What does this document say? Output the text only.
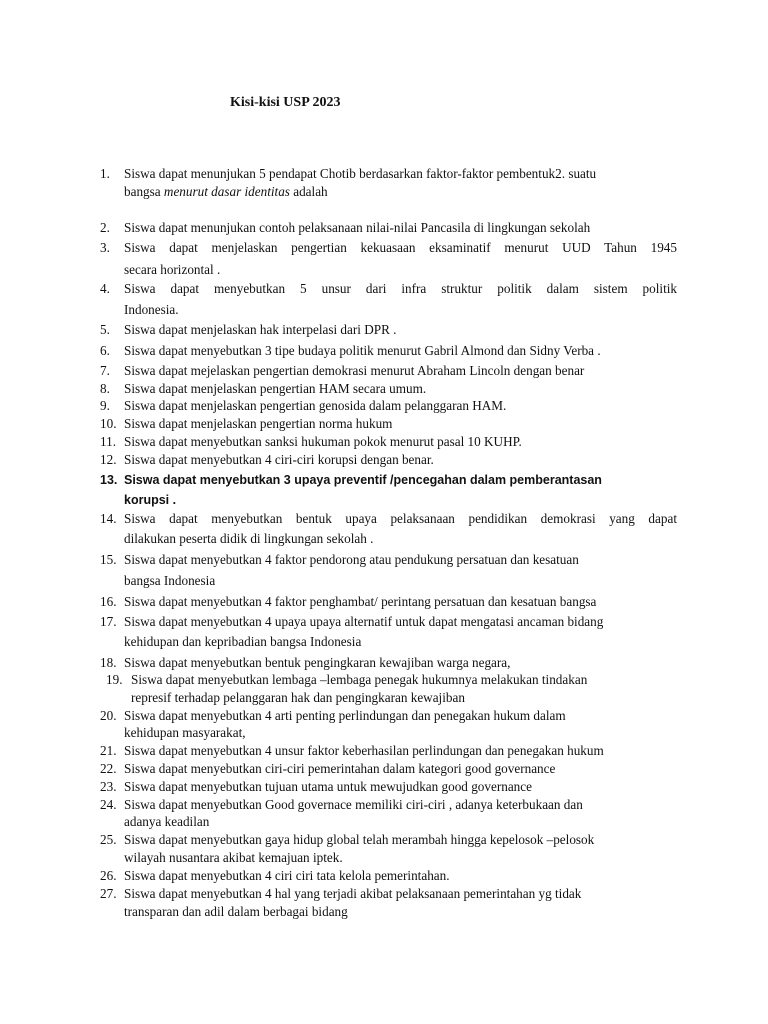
Kisi-kisi USP 2023
1.	Siswa dapat menunjukan 5 pendapat Chotib berdasarkan faktor-faktor pembentuk2. suatu
bangsa menurut dasar identitas adalah
2.	Siswa dapat menunjukan contoh pelaksanaan nilai-nilai Pancasila di lingkungan sekolah
3.	Siswa dapat menjelaskan pengertian kekuasaan eksaminatif menurut UUD Tahun 1945
secara horizontal .
4.	Siswa dapat menyebutkan 5 unsur dari infra struktur politik dalam sistem politik
Indonesia.
5.	Siswa dapat menjelaskan hak interpelasi dari DPR .
6.	Siswa dapat menyebutkan 3 tipe budaya politik menurut Gabril Almond dan Sidny Verba .
7.	Siswa dapat mejelaskan pengertian demokrasi menurut Abraham Lincoln dengan benar
8.	Siswa dapat menjelaskan pengertian HAM secara umum.
9.	Siswa dapat menjelaskan pengertian genosida dalam pelanggaran HAM.
10. Siswa dapat menjelaskan pengertian norma hukum
11. Siswa dapat menyebutkan sanksi hukuman pokok menurut pasal 10 KUHP.
12. Siswa dapat menyebutkan 4 ciri-ciri korupsi dengan benar.
13. Siswa dapat menyebutkan 3 upaya preventif /pencegahan dalam pemberantasan
korupsi .
14. Siswa dapat menyebutkan bentuk upaya pelaksanaan pendidikan demokrasi yang dapat
dilakukan peserta didik di lingkungan sekolah .
15. Siswa dapat menyebutkan 4 faktor pendorong atau pendukung persatuan dan kesatuan
bangsa Indonesia
16. Siswa dapat menyebutkan 4 faktor penghambat/ perintang persatuan dan kesatuan bangsa
17. Siswa dapat menyebutkan 4 upaya upaya alternatif untuk dapat mengatasi ancaman bidang
kehidupan dan kepribadian bangsa Indonesia
18. Siswa dapat menyebutkan bentuk pengingkaran kewajiban warga negara,
19. Siswa dapat menyebutkan lembaga –lembaga penegak hukumnya melakukan tindakan
represif terhadap pelanggaran hak dan pengingkaran kewajiban
20. Siswa dapat menyebutkan 4 arti penting perlindungan dan penegakan hukum dalam
kehidupan masyarakat,
21. Siswa dapat menyebutkan 4 unsur faktor keberhasilan perlindungan dan penegakan hukum
22. Siswa dapat menyebutkan ciri-ciri pemerintahan dalam kategori good governance
23. Siswa dapat menyebutkan tujuan utama untuk mewujudkan good governance
24. Siswa dapat menyebutkan Good governace memiliki ciri-ciri , adanya keterbukaan dan
adanya keadilan
25. Siswa dapat menyebutkan gaya hidup global telah merambah hingga kepelosok –pelosok
wilayah nusantara akibat kemajuan iptek.
26. Siswa dapat menyebutkan 4 ciri ciri tata kelola pemerintahan.
27. Siswa dapat menyebutkan 4 hal yang terjadi akibat pelaksanaan pemerintahan yg tidak
transparan dan adil dalam berbagai bidang
